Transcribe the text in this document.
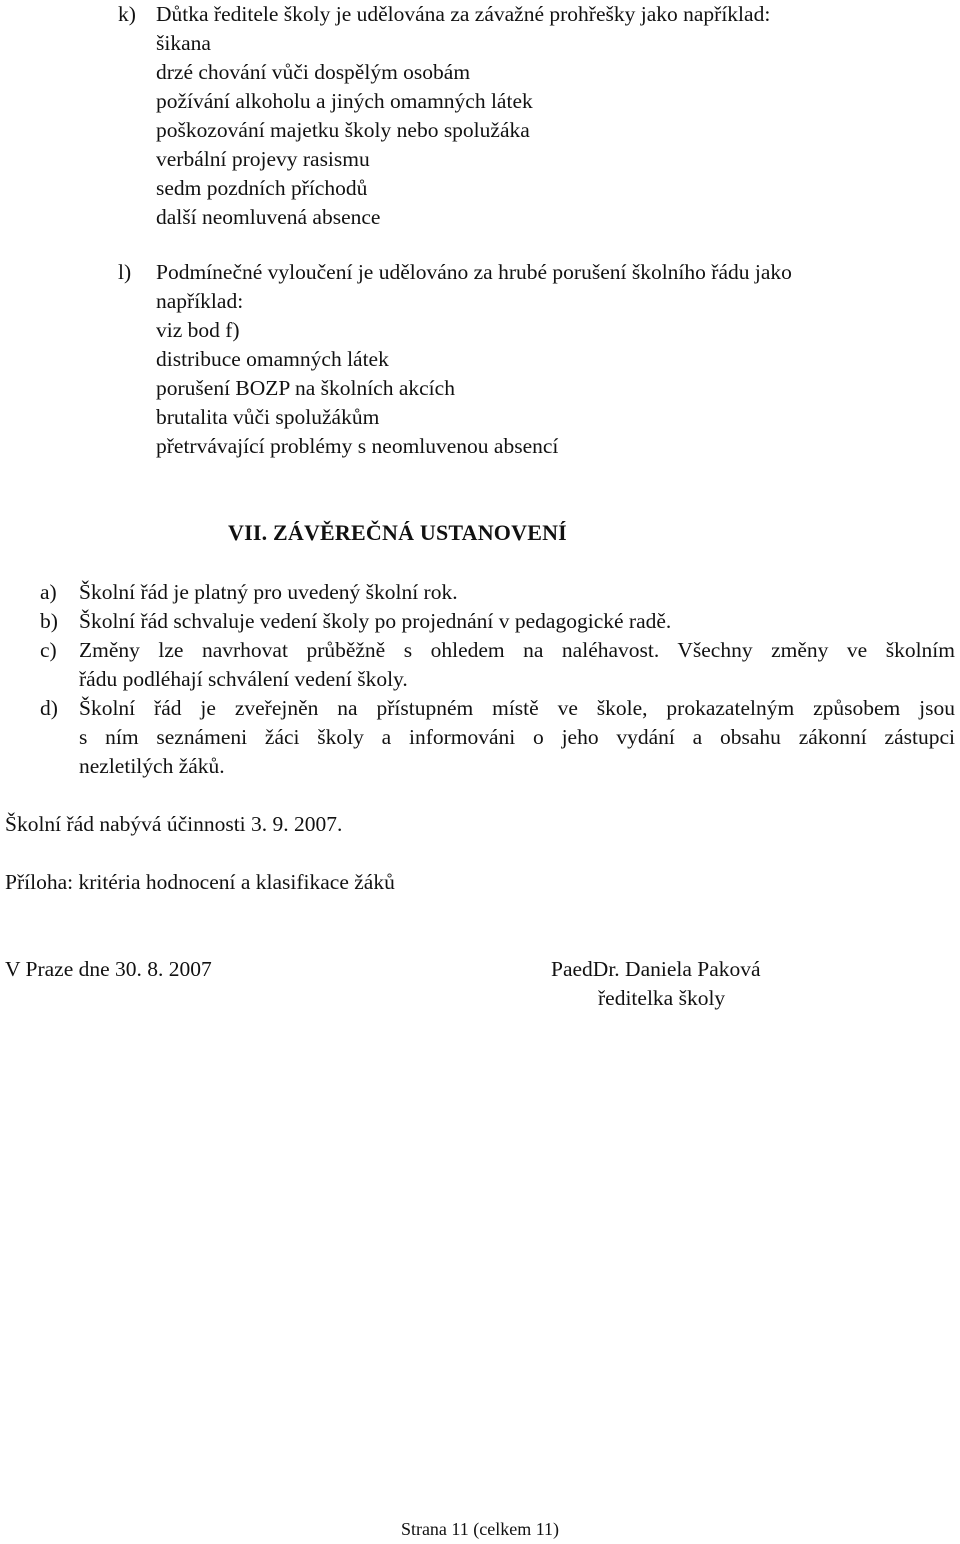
k) Důtka ředitele školy je udělována za závažné prohřešky jako například:
šikana
drzé chování vůči dospělým osobám
požívání alkoholu a jiných omamných látek
poškozování majetku školy nebo spolužáka
verbální projevy rasismu
sedm pozdních příchodů
další neomluvená absence
l) Podmínečné vyloučení je udělováno za hrubé porušení školního řádu jako
například:
viz bod f)
distribuce omamných látek
porušení BOZP na školních akcích
brutalita vůči spolužákům
přetrvávající problémy s neomluvenou absencí
VII. ZÁVĚREČNÁ USTANOVENÍ
a) Školní řád je platný pro uvedený školní rok.
b) Školní řád schvaluje vedení školy po projednání v pedagogické radě.
c) Změny lze navrhovat průběžně s ohledem na naléhavost. Všechny změny ve školním
řádu podléhají schválení vedení školy.
d) Školní řád je zveřejněn na přístupném místě ve škole, prokazatelným způsobem jsou
s ním seznámeni žáci školy a informováni o jeho vydání a obsahu zákonní zástupci
nezletilých žáků.
Školní řád nabývá účinnosti 3. 9. 2007.
Příloha: kritéria hodnocení a klasifikace žáků
V Praze dne 30. 8. 2007	PaedDr. Daniela Paková
ředitelka školy
Strana 11 (celkem 11)
